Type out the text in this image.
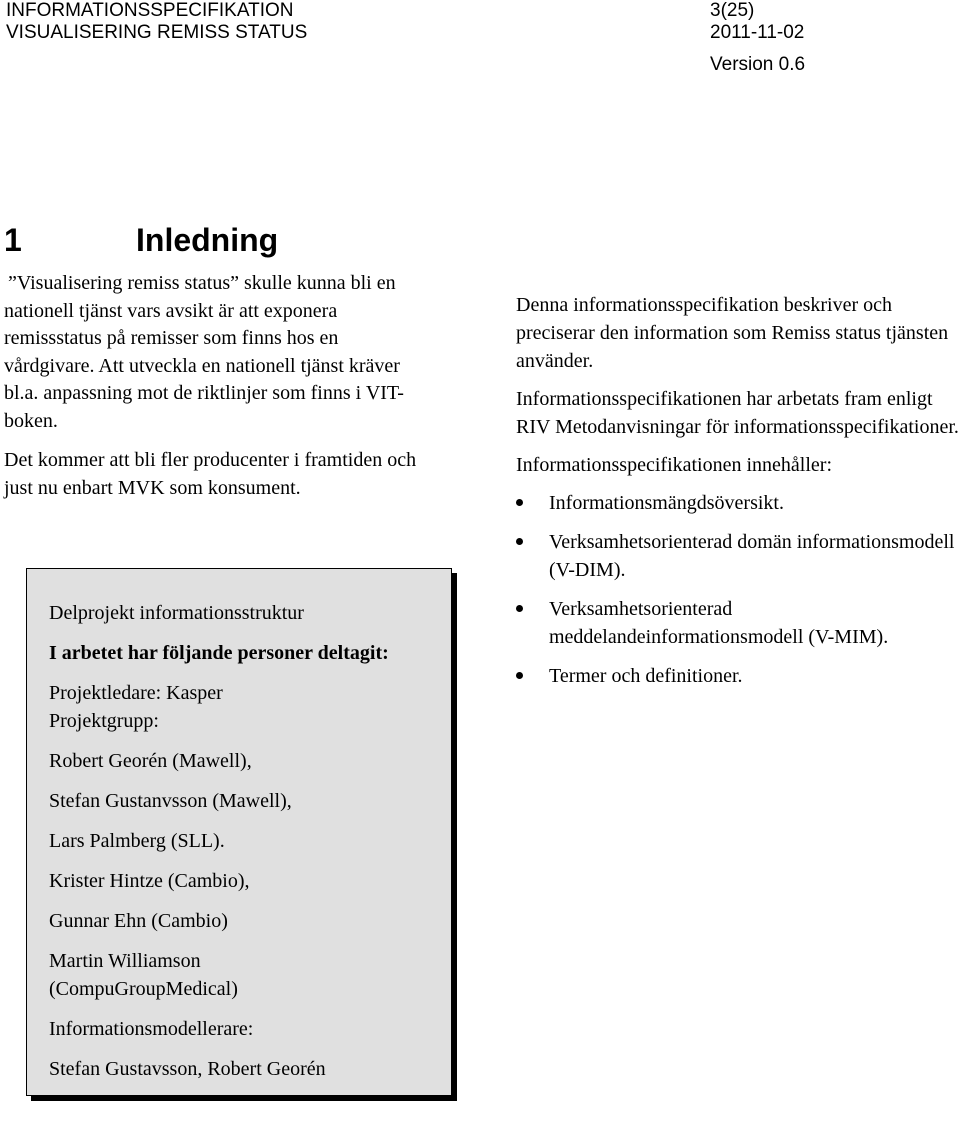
INFORMATIONSSPECIFIKATION
VISUALISERING REMISS STATUS
3(25)
2011-11-02
Version 0.6
1	Inledning

”Visualisering remiss status” skulle kunna bli en nationell tjänst vars avsikt är att exponera remissstatus på remisser som finns hos en vårdgivare. Att utveckla en nationell tjänst kräver bl.a. anpassning mot de riktlinjer som finns i VIT-boken.

Det kommer att bli fler producenter i framtiden och just nu enbart MVK som konsument.

Delprojekt informationsstruktur
I arbetet har följande personer deltagit:
Projektledare: Kasper
Projektgrupp:
Robert Georén (Mawell),
Stefan Gustanvsson (Mawell),
Lars Palmberg (SLL).
Krister Hintze (Cambio),
Gunnar Ehn (Cambio)
Martin Williamson
(CompuGroupMedical)
Informationsmodellerare:
Stefan Gustavsson, Robert Georén

Denna informationsspecifikation beskriver och preciserar den information som Remiss status tjänsten använder.

Informationsspecifikationen har arbetats fram enligt RIV Metodanvisningar för informationsspecifikationer.

Informationsspecifikationen innehåller:

Informationsmängdsöversikt.
Verksamhetsorienterad domän informationsmodell (V-DIM).
Verksamhetsorienterad meddelandeinformationsmodell (V-MIM).
Termer och definitioner.
